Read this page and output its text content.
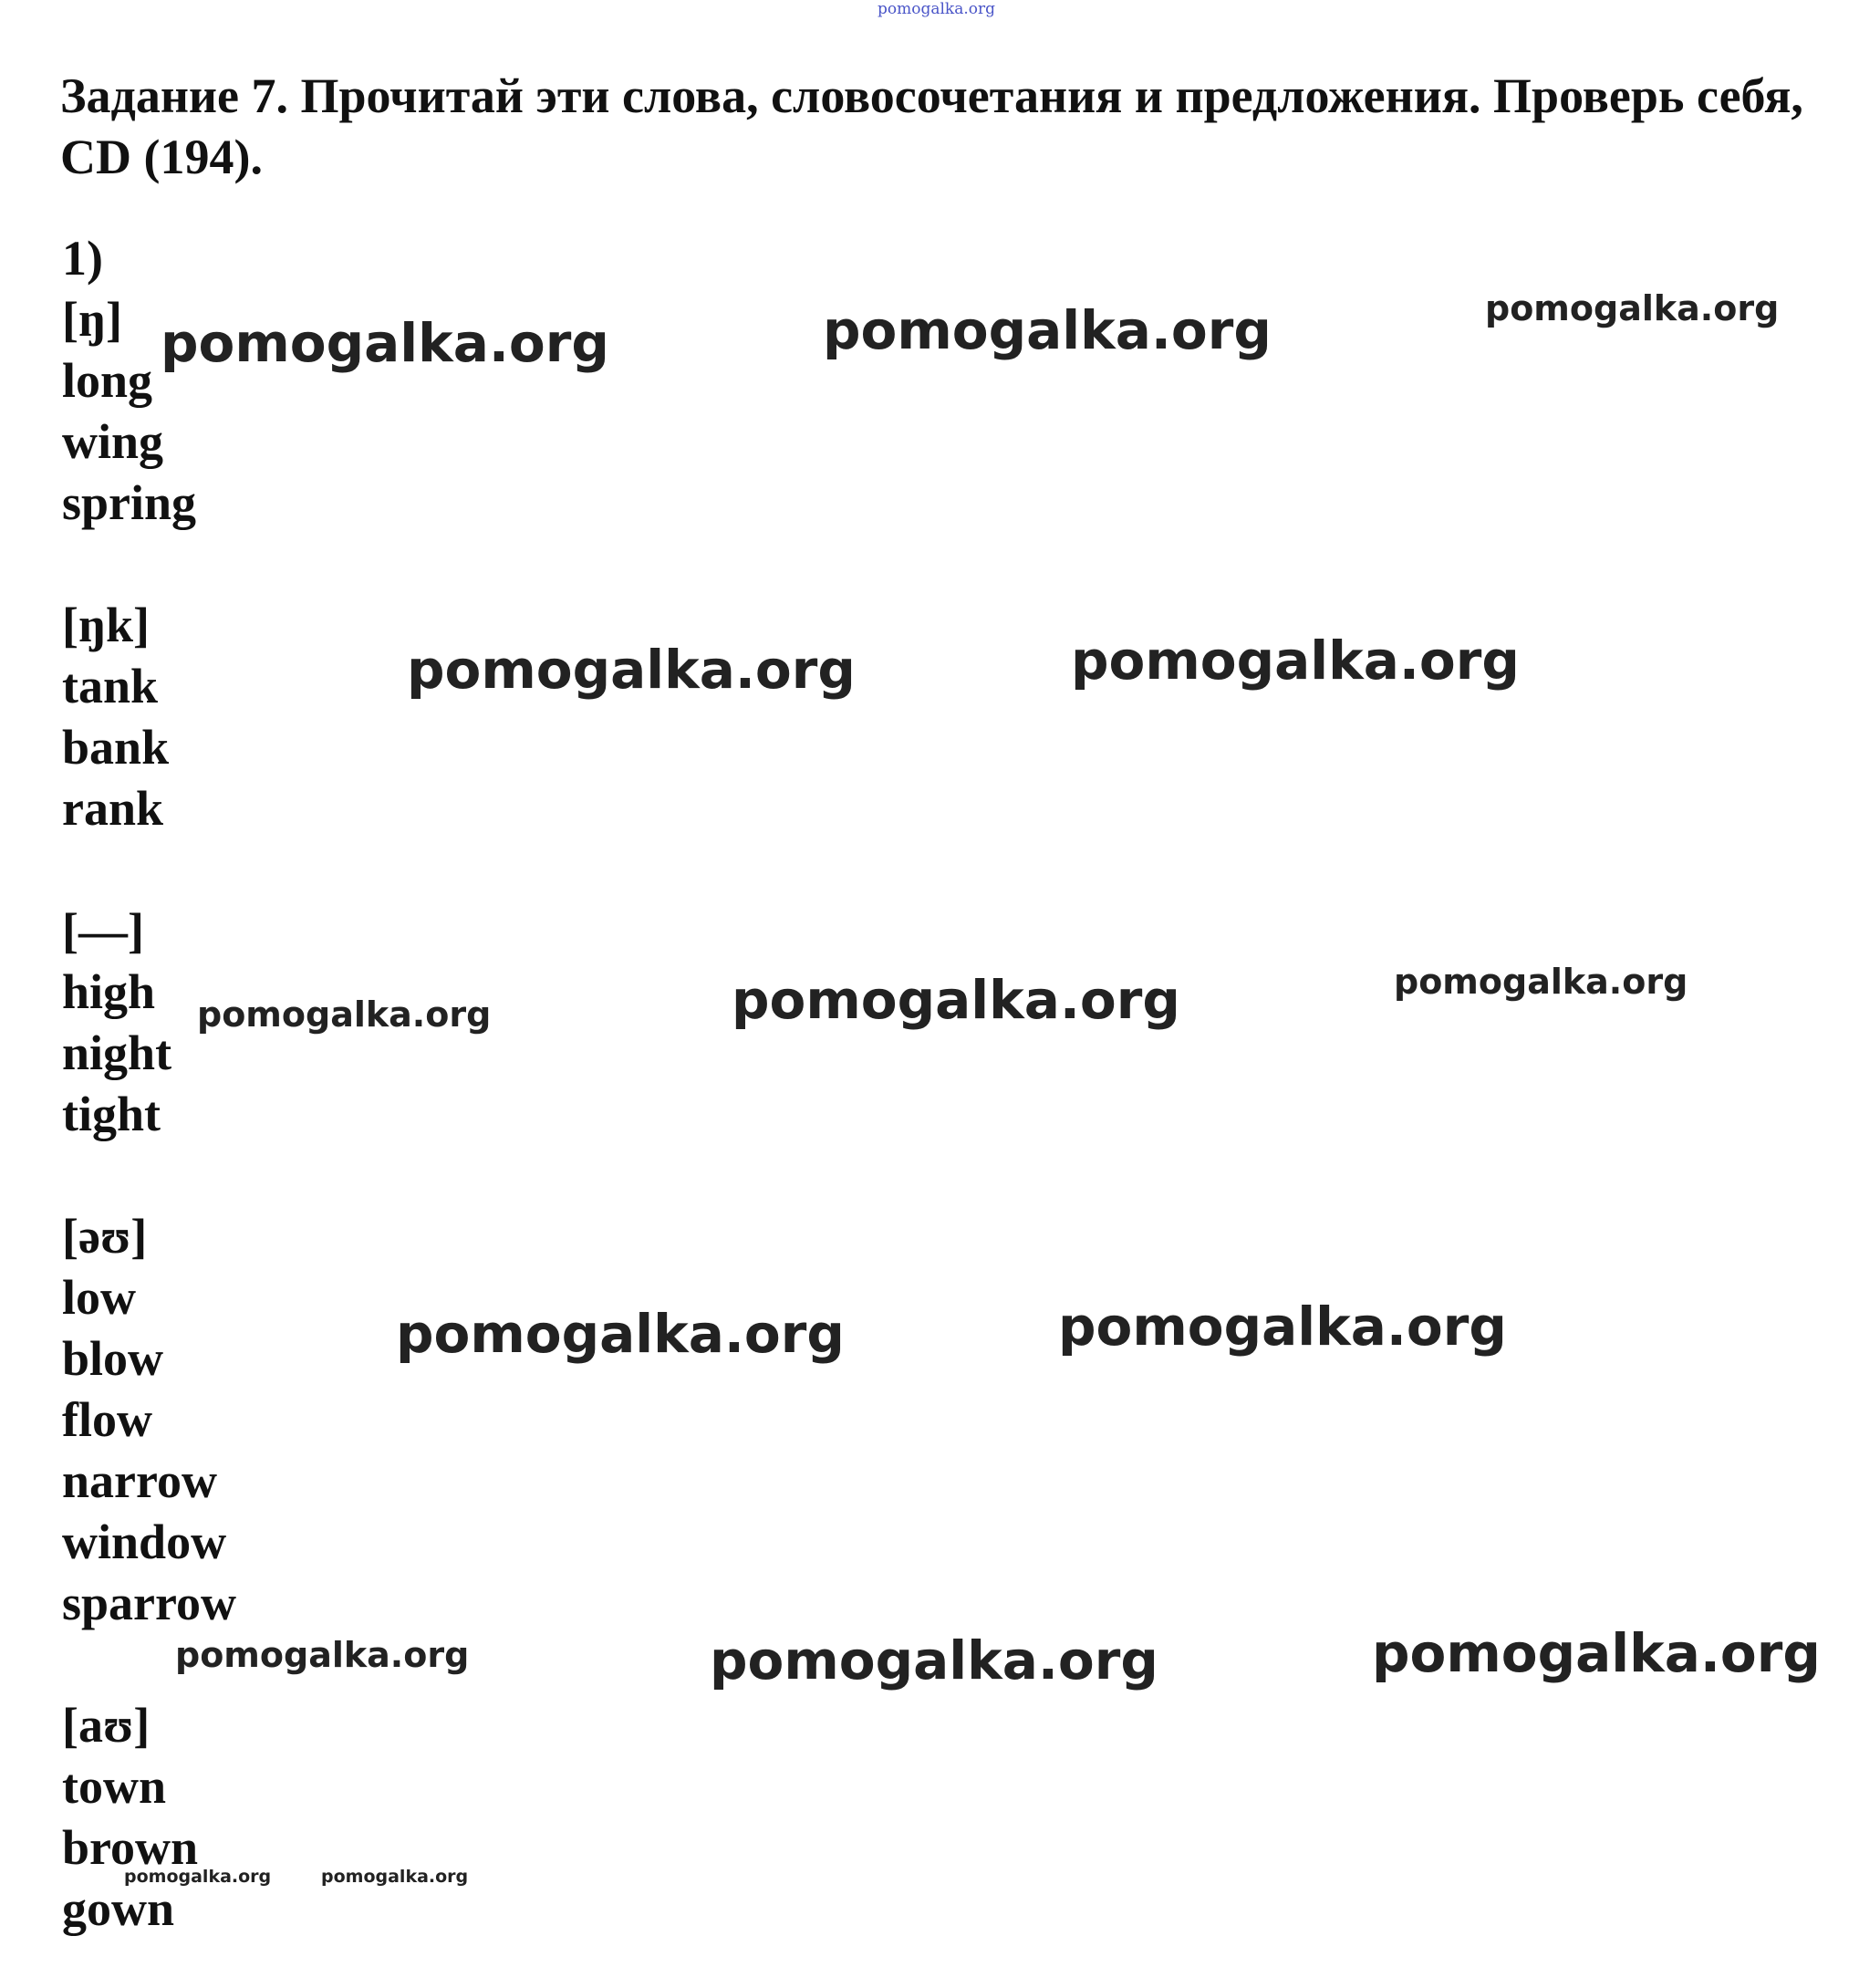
pomogalka.org
Задание 7. Прочитай эти слова, словосочетания и предложения. Проверь себя, CD (194).
1)
[ŋ]
long
wing
spring
[ŋk]
tank
bank
rank
[—]
high
night
tight
[əʊ]
low
blow
flow
narrow
window
sparrow
[aʊ]
town
brown
gown
pomogalka.org	pomogalka.org	pomogalka.org
pomogalka.org	pomogalka.org
pomogalka.org	pomogalka.org	pomogalka.org
pomogalka.org	pomogalka.org
pomogalka.org	pomogalka.org	pomogalka.org
pomogalka.org	pomogalka.org
